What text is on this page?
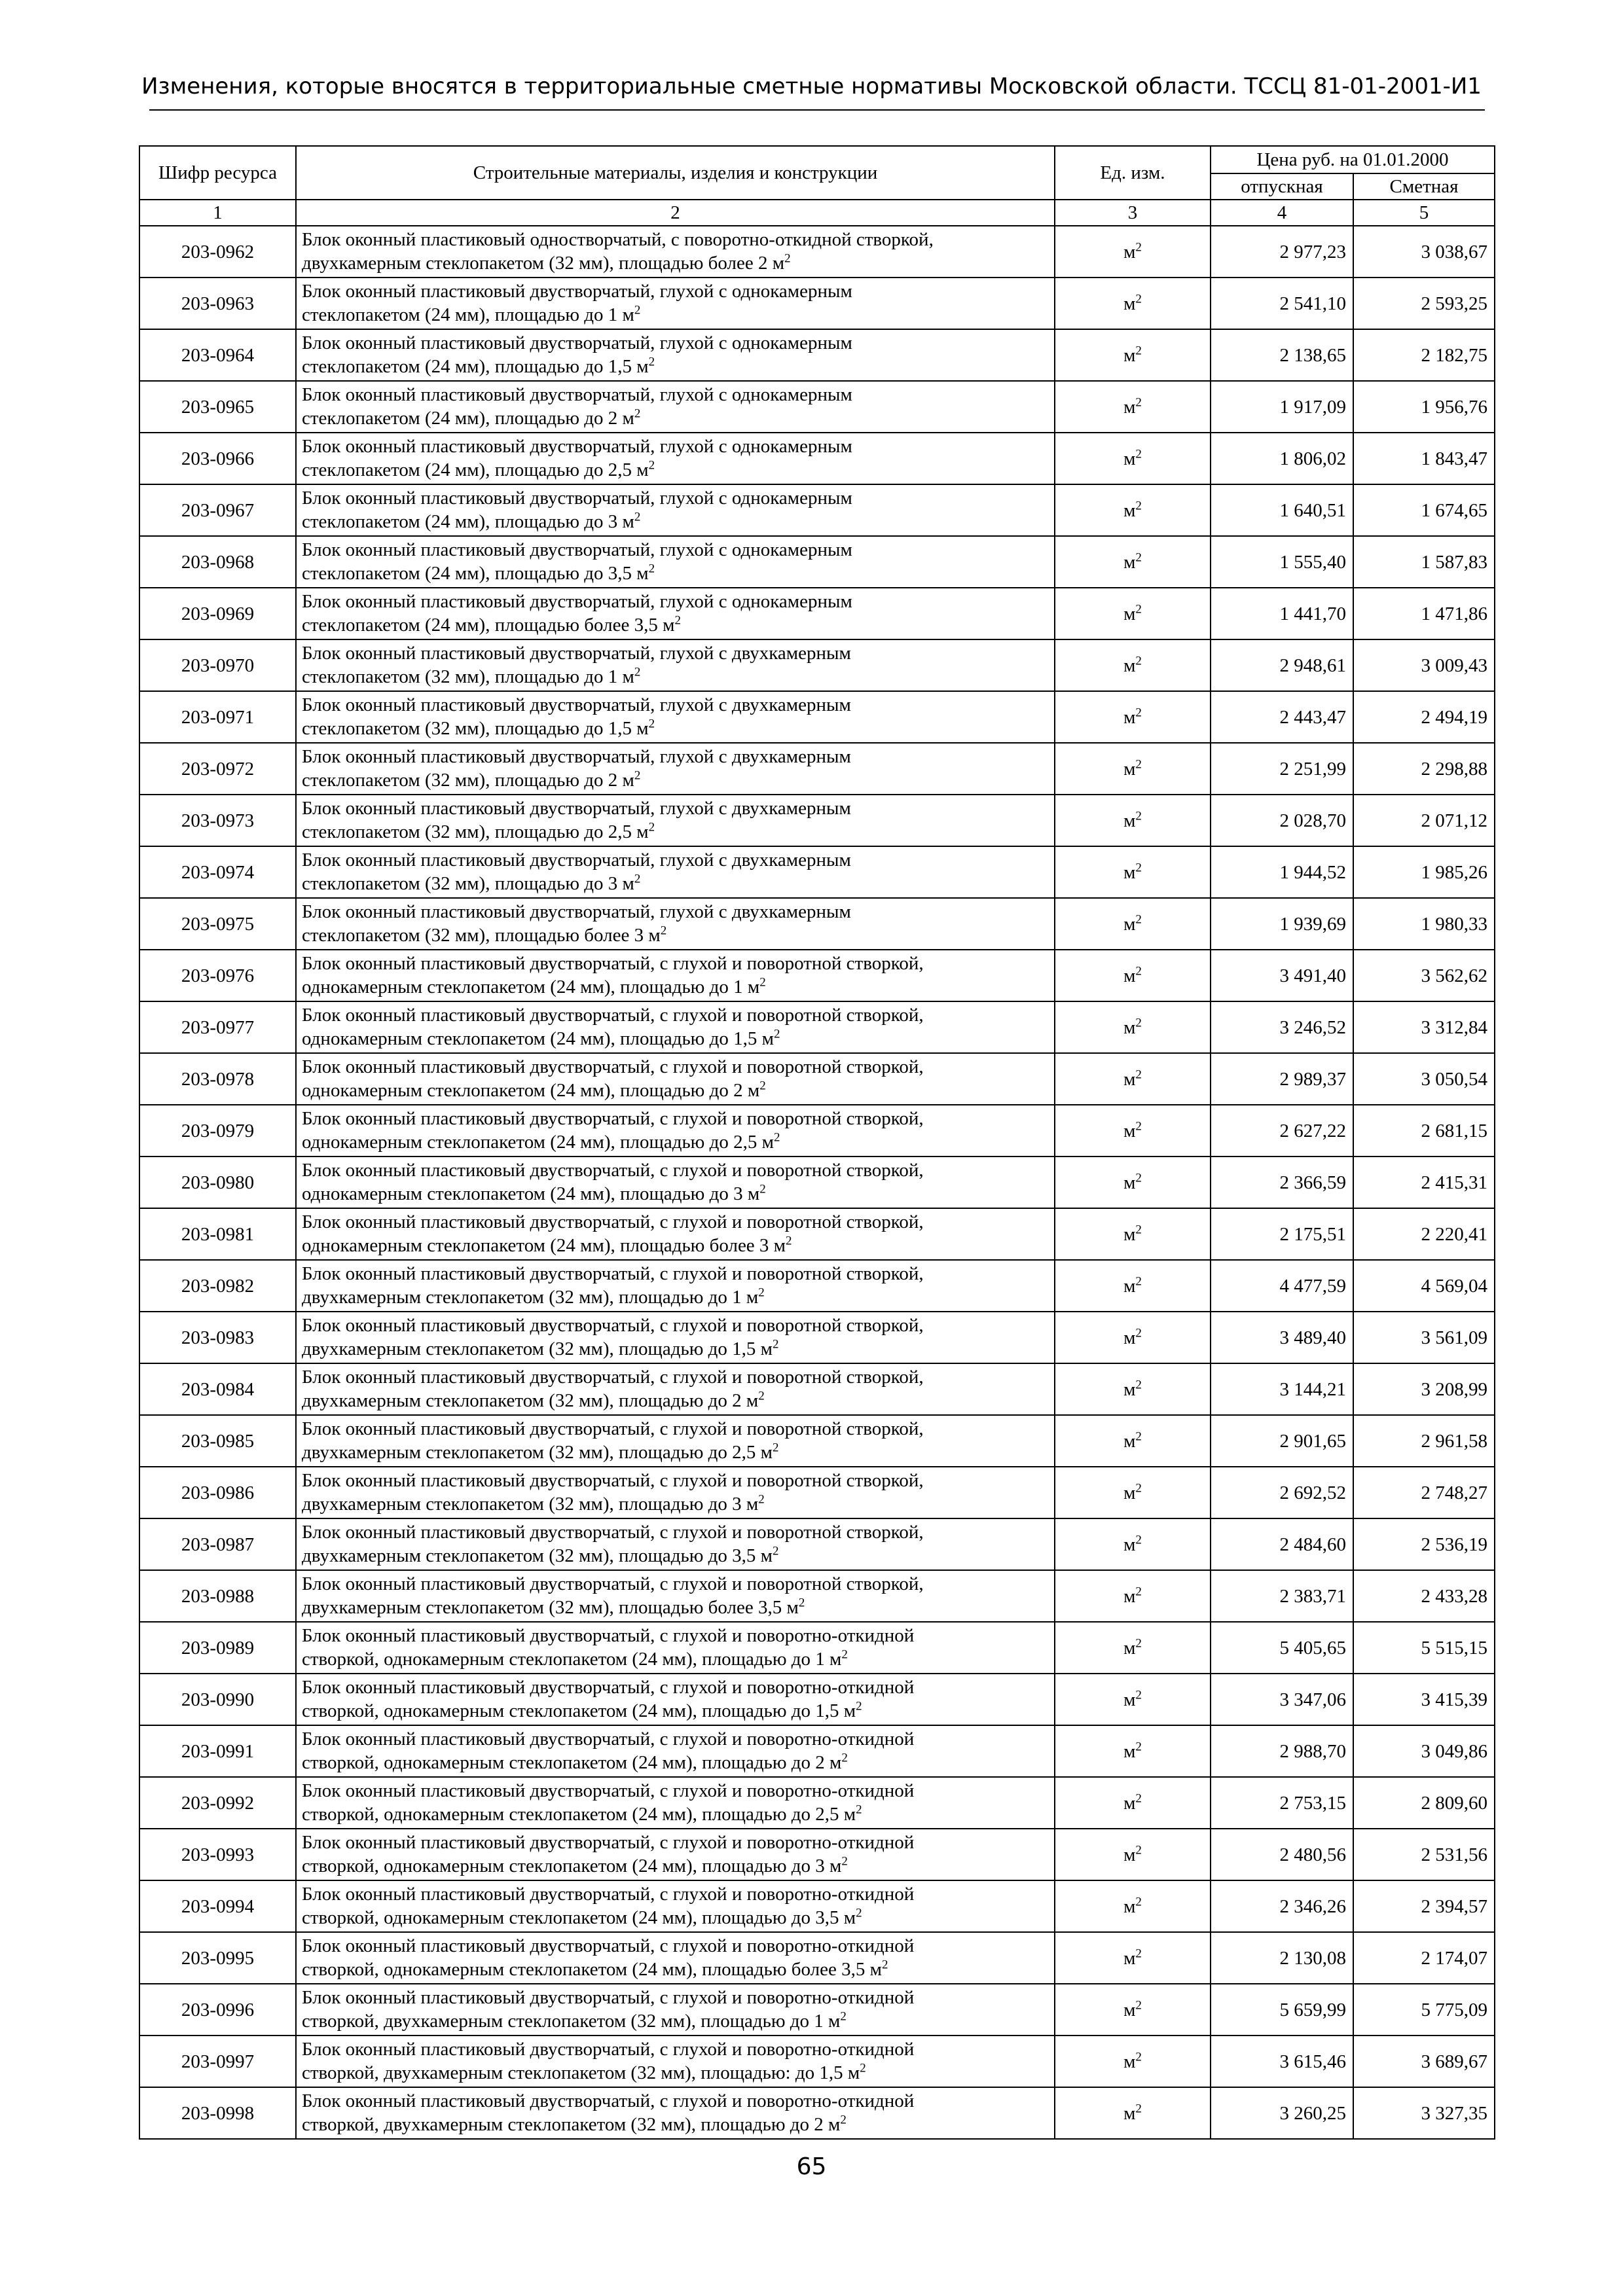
Изменения, которые вносятся в территориальные сметные нормативы Московской области. ТССЦ 81-01-2001-И1
Шифр ресурса	Строительные материалы, изделия и конструкции	Ед. изм.	Цена руб. на 01.01.2000	
			отпускная	Сметная
1	2	3	4	5
203-0962	Блок оконный пластиковый одностворчатый, с поворотно-откидной створкой,
двухкамерным стеклопакетом (32 мм), площадью более 2 $м^2$	$м^2$	2 977,23	3 038,67
203-0963	Блок оконный пластиковый двустворчатый, глухой с однокамерным
стеклопакетом (24 мм), площадью до 1 $м^2$	$м^2$	2 541,10	2 593,25
203-0964	Блок оконный пластиковый двустворчатый, глухой с однокамерным
стеклопакетом (24 мм), площадью до 1,5 $м^2$	$м^2$	2 138,65	2 182,75
203-0965	Блок оконный пластиковый двустворчатый, глухой с однокамерным
стеклопакетом (24 мм), площадью до 2 $м^2$	$м^2$	1 917,09	1 956,76
203-0966	Блок оконный пластиковый двустворчатый, глухой с однокамерным
стеклопакетом (24 мм), площадью до 2,5 $м^2$	$м^2$	1 806,02	1 843,47
203-0967	Блок оконный пластиковый двустворчатый, глухой с однокамерным
стеклопакетом (24 мм), площадью до 3 $м^2$	$м^2$	1 640,51	1 674,65
203-0968	Блок оконный пластиковый двустворчатый, глухой с однокамерным
стеклопакетом (24 мм), площадью до 3,5 $м^2$	$м^2$	1 555,40	1 587,83
203-0969	Блок оконный пластиковый двустворчатый, глухой с однокамерным
стеклопакетом (24 мм), площадью более 3,5 $м^2$	$м^2$	1 441,70	1 471,86
203-0970	Блок оконный пластиковый двустворчатый, глухой с двухкамерным
стеклопакетом (32 мм), площадью до 1 $м^2$	$м^2$	2 948,61	3 009,43
203-0971	Блок оконный пластиковый двустворчатый, глухой с двухкамерным
стеклопакетом (32 мм), площадью до 1,5 $м^2$	$м^2$	2 443,47	2 494,19
203-0972	Блок оконный пластиковый двустворчатый, глухой с двухкамерным
стеклопакетом (32 мм), площадью до 2 $м^2$	$м^2$	2 251,99	2 298,88
203-0973	Блок оконный пластиковый двустворчатый, глухой с двухкамерным
стеклопакетом (32 мм), площадью до 2,5 $м^2$	$м^2$	2 028,70	2 071,12
203-0974	Блок оконный пластиковый двустворчатый, глухой с двухкамерным
стеклопакетом (32 мм), площадью до 3 $м^2$	$м^2$	1 944,52	1 985,26
203-0975	Блок оконный пластиковый двустворчатый, глухой с двухкамерным
стеклопакетом (32 мм), площадью более 3 $м^2$	$м^2$	1 939,69	1 980,33
203-0976	Блок оконный пластиковый двустворчатый, с глухой и поворотной створкой,
однокамерным стеклопакетом (24 мм), площадью до 1 $м^2$	$м^2$	3 491,40	3 562,62
203-0977	Блок оконный пластиковый двустворчатый, с глухой и поворотной створкой,
однокамерным стеклопакетом (24 мм), площадью до 1,5 $м^2$	$м^2$	3 246,52	3 312,84
203-0978	Блок оконный пластиковый двустворчатый, с глухой и поворотной створкой,
однокамерным стеклопакетом (24 мм), площадью до 2 $м^2$	$м^2$	2 989,37	3 050,54
203-0979	Блок оконный пластиковый двустворчатый, с глухой и поворотной створкой,
однокамерным стеклопакетом (24 мм), площадью до 2,5 $м^2$	$м^2$	2 627,22	2 681,15
203-0980	Блок оконный пластиковый двустворчатый, с глухой и поворотной створкой,
однокамерным стеклопакетом (24 мм), площадью до 3 $м^2$	$м^2$	2 366,59	2 415,31
203-0981	Блок оконный пластиковый двустворчатый, с глухой и поворотной створкой,
однокамерным стеклопакетом (24 мм), площадью более 3 $м^2$	$м^2$	2 175,51	2 220,41
203-0982	Блок оконный пластиковый двустворчатый, с глухой и поворотной створкой,
двухкамерным стеклопакетом (32 мм), площадью до 1 $м^2$	$м^2$	4 477,59	4 569,04
203-0983	Блок оконный пластиковый двустворчатый, с глухой и поворотной створкой,
двухкамерным стеклопакетом (32 мм), площадью до 1,5 $м^2$	$м^2$	3 489,40	3 561,09
203-0984	Блок оконный пластиковый двустворчатый, с глухой и поворотной створкой,
двухкамерным стеклопакетом (32 мм), площадью до 2 $м^2$	$м^2$	3 144,21	3 208,99
203-0985	Блок оконный пластиковый двустворчатый, с глухой и поворотной створкой,
двухкамерным стеклопакетом (32 мм), площадью до 2,5 $м^2$	$м^2$	2 901,65	2 961,58
203-0986	Блок оконный пластиковый двустворчатый, с глухой и поворотной створкой,
двухкамерным стеклопакетом (32 мм), площадью до 3 $м^2$	$м^2$	2 692,52	2 748,27
203-0987	Блок оконный пластиковый двустворчатый, с глухой и поворотной створкой,
двухкамерным стеклопакетом (32 мм), площадью до 3,5 $м^2$	$м^2$	2 484,60	2 536,19
203-0988	Блок оконный пластиковый двустворчатый, с глухой и поворотной створкой,
двухкамерным стеклопакетом (32 мм), площадью более 3,5 $м^2$	$м^2$	2 383,71	2 433,28
203-0989	Блок оконный пластиковый двустворчатый, с глухой и поворотно-откидной
створкой, однокамерным стеклопакетом (24 мм), площадью до 1 $м^2$	$м^2$	5 405,65	5 515,15
203-0990	Блок оконный пластиковый двустворчатый, с глухой и поворотно-откидной
створкой, однокамерным стеклопакетом (24 мм), площадью до 1,5 $м^2$	$м^2$	3 347,06	3 415,39
203-0991	Блок оконный пластиковый двустворчатый, с глухой и поворотно-откидной
створкой, однокамерным стеклопакетом (24 мм), площадью до 2 $м^2$	$м^2$	2 988,70	3 049,86
203-0992	Блок оконный пластиковый двустворчатый, с глухой и поворотно-откидной
створкой, однокамерным стеклопакетом (24 мм), площадью до 2,5 $м^2$	$м^2$	2 753,15	2 809,60
203-0993	Блок оконный пластиковый двустворчатый, с глухой и поворотно-откидной
створкой, однокамерным стеклопакетом (24 мм), площадью до 3 $м^2$	$м^2$	2 480,56	2 531,56
203-0994	Блок оконный пластиковый двустворчатый, с глухой и поворотно-откидной
створкой, однокамерным стеклопакетом (24 мм), площадью до 3,5 $м^2$	$м^2$	2 346,26	2 394,57
203-0995	Блок оконный пластиковый двустворчатый, с глухой и поворотно-откидной
створкой, однокамерным стеклопакетом (24 мм), площадью более 3,5 $м^2$	$м^2$	2 130,08	2 174,07
203-0996	Блок оконный пластиковый двустворчатый, с глухой и поворотно-откидной
створкой, двухкамерным стеклопакетом (32 мм), площадью до 1 $м^2$	$м^2$	5 659,99	5 775,09
203-0997	Блок оконный пластиковый двустворчатый, с глухой и поворотно-откидной
створкой, двухкамерным стеклопакетом (32 мм), площадью: до 1,5 $м^2$	$м^2$	3 615,46	3 689,67
203-0998	Блок оконный пластиковый двустворчатый, с глухой и поворотно-откидной
створкой, двухкамерным стеклопакетом (32 мм), площадью до 2 $м^2$	$м^2$	3 260,25	3 327,35
65
